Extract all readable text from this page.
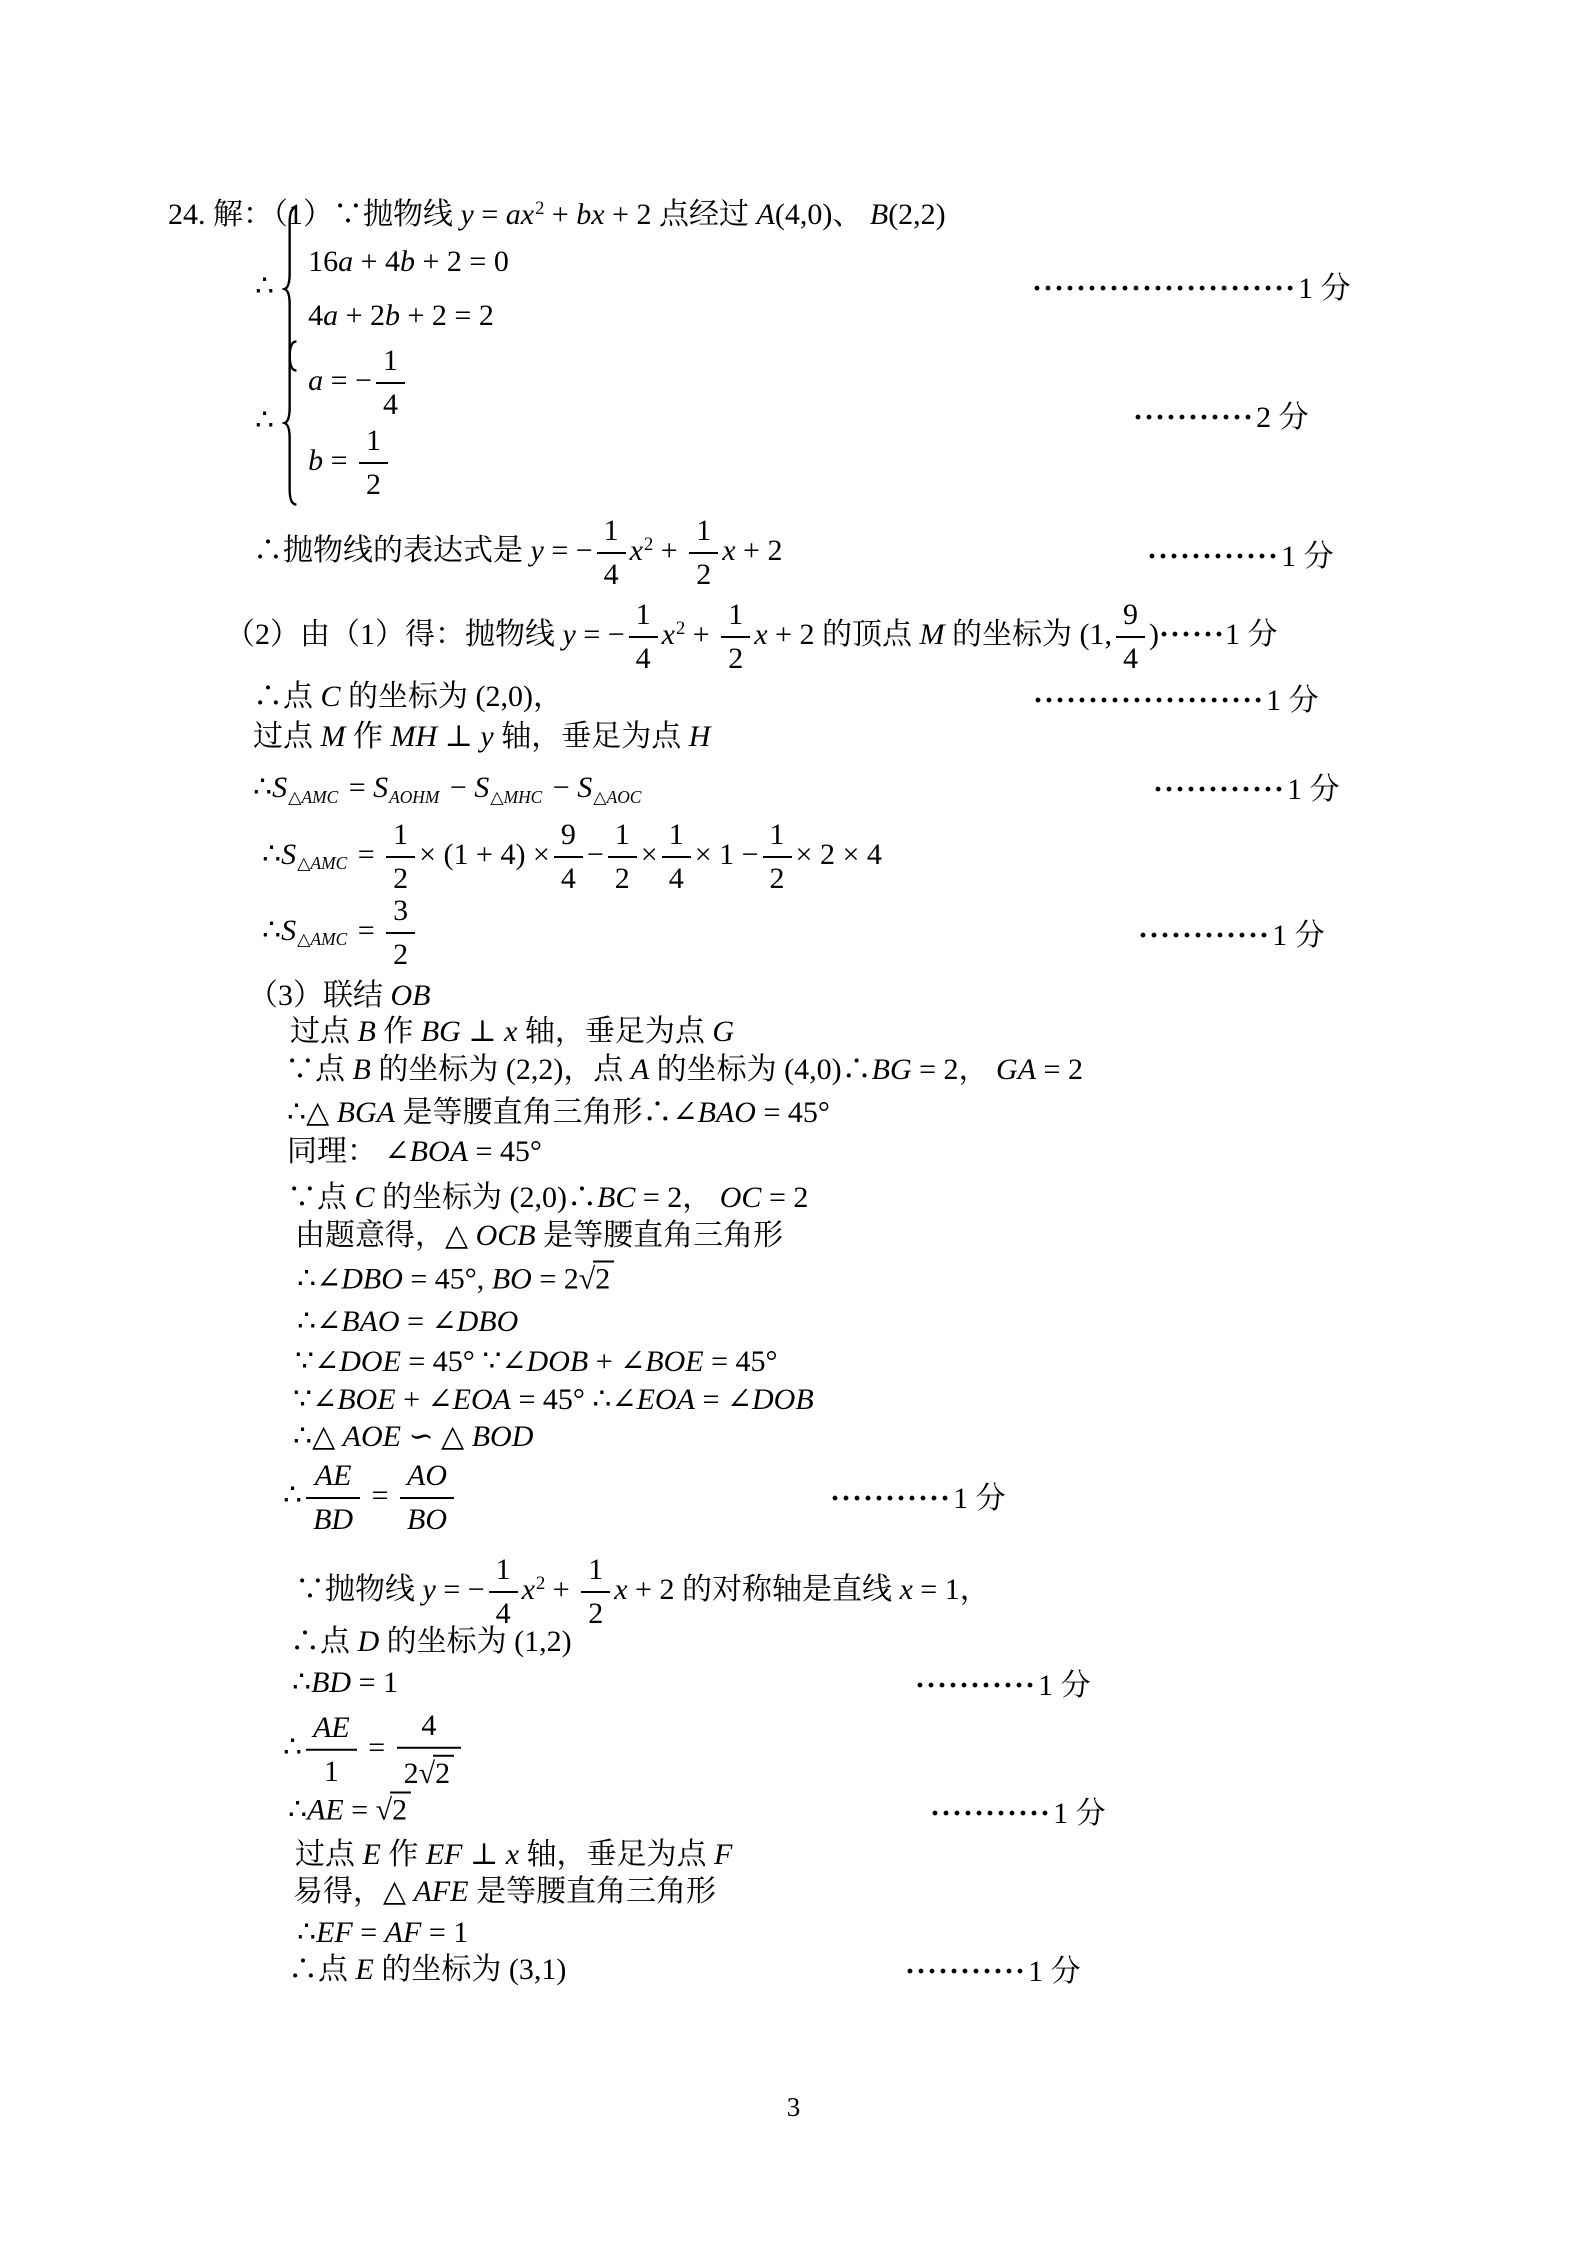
24. 解：（1）∵抛物线 $y = ax^2$ + bx + 2 点经过 A(4,0)、 B(2,2)
∴
16a + 4b + 2 = 0
4a + 2b + 2 = 2
∴
a = − $\frac{1}{4}$
$b = \frac{1}{2}$
∴抛物线的表达式是 y = − $\frac{1}{4} x^2 + \frac{1}{2}$ x + 2
（2）由（1）得：抛物线 y = − $\frac{1}{4} x^2 + \frac{1}{2}$ x + 2 的顶点 M 的坐标为 (1, $\frac{9}{4} )\cdot\cdot\cdot\cdot\cdot\cdot 1$ 分
∴点 C 的坐标为 (2,0)，
过点 M 作 MH ⊥ y 轴，垂足为点 H
∴S△AMC = SAOHM − S△MHC − S△AOC
∴S△AMC = $\frac{1}{2} \times (1 + 4) \times \frac{9}{4} - \frac{1}{2} \times \frac{1}{4} \times 1 - \frac{1}{2} \times 2 \times 4$
∴S△AMC = $\frac{3}{2}$
（3）联结 OB
过点 B 作 BG ⊥ x 轴，垂足为点 G
∵点 B 的坐标为 (2,2)，点 A 的坐标为 (4,0)∴BG = 2， GA = 2
∴△ BGA 是等腰直角三角形∴∠BAO = 45°
同理： ∠BOA = 45°
∵点 C 的坐标为 (2,0)∴BC = 2， OC = 2
由题意得，△ OCB 是等腰直角三角形
∴∠DBO = 45°, BO = 2√2
∴∠BAO = ∠DBO
∵∠DOE = 45° ∵∠DOB + ∠BOE = 45°
∵∠BOE + ∠EOA = 45° ∴∠EOA = ∠DOB
∴△ AOE ∽ △ BOD
∴ $\frac{AE}{BD} = \frac{AO}{BO}$
∵抛物线 y = − $\frac{1}{4} x^2 + \frac{1}{2}$ x + 2 的对称轴是直线 x = 1，
∴点 D 的坐标为 (1,2)
∴BD = 1
∴ $\frac{AE}{1} = \frac{4}{2√2}$
∴AE = √2
过点 E 作 EF ⊥ x 轴，垂足为点 F
易得，△ AFE 是等腰直角三角形
∴EF = AF = 1
∴点 E 的坐标为 (3,1)
························1 分
···········2 分
············1 分
·····················1 分
············1 分
············1 分
···········1 分
···········1 分
···········1 分
···········1 分
3
